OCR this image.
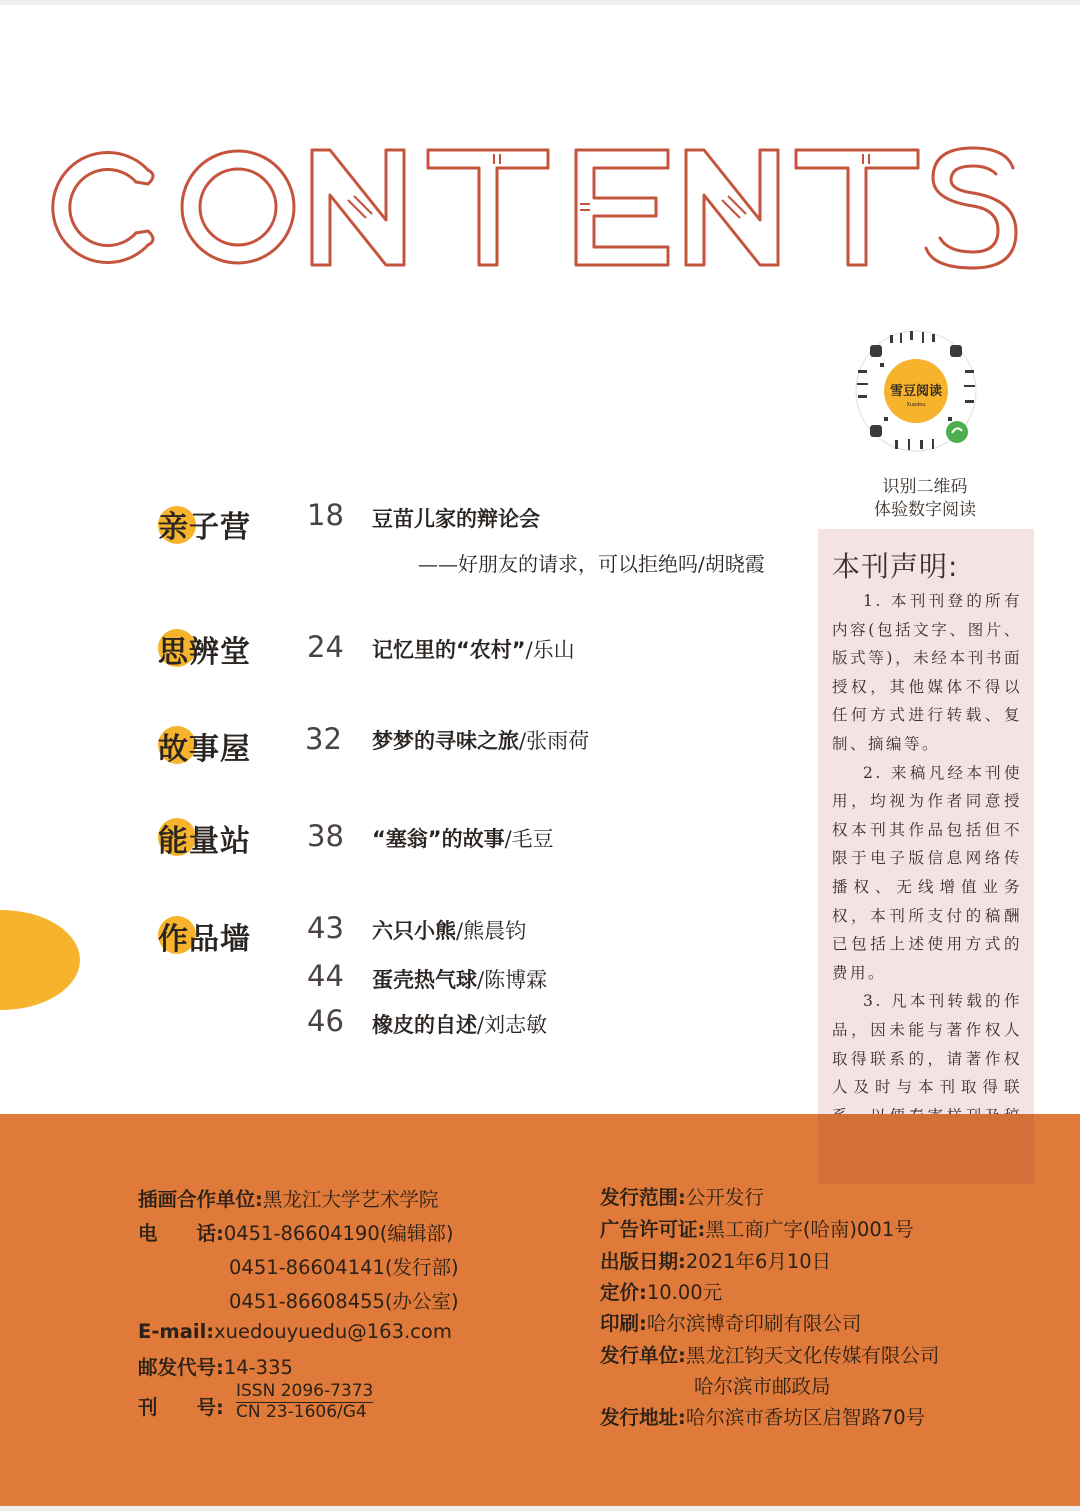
雪豆阅读
Xuedou
识别二维码
体验数字阅读
本刊声明:

1. 本刊刊登的所有内容(包括文字、图片、版式等)，未经本刊书面授权，其他媒体不得以任何方式进行转载、复制、摘编等。

2. 来稿凡经本刊使用，均视为作者同意授权本刊其作品包括但不限于电子版信息网络传播权、无线增值业务权，本刊所支付的稿酬已包括上述使用方式的费用。

3. 凡本刊转载的作品，因未能与著作权人取得联系的，请著作权人及时与本刊取得联

亲子营 18 豆苗儿家的辩论会
——好朋友的请求，可以拒绝吗/胡晓霞
思辨堂 24 记忆里的“农村”/乐山
故事屋 32 梦梦的寻味之旅/张雨荷
能量站 38 “塞翁”的故事/毛豆
作品墙 43 六只小熊/熊晨钧
44 蛋壳热气球/陈博霖
46 橡皮的自述/刘志敏
插画合作单位:黑龙江大学艺术学院
电　　话:0451-86604190(编辑部)
0451-86604141(发行部)
0451-86608455(办公室)
E-mail:xuedouyuedu@163.com
邮发代号:14-335
刊　　号:
ISSN 2096-7373
CN 23-1606/G4
发行范围:公开发行
广告许可证:黑工商广字(哈南)001号
出版日期:2021年6月10日
定价:10.00元
印刷:哈尔滨博奇印刷有限公司
发行单位:黑龙江钧天文化传媒有限公司
哈尔滨市邮政局
发行地址:哈尔滨市香坊区启智路70号
